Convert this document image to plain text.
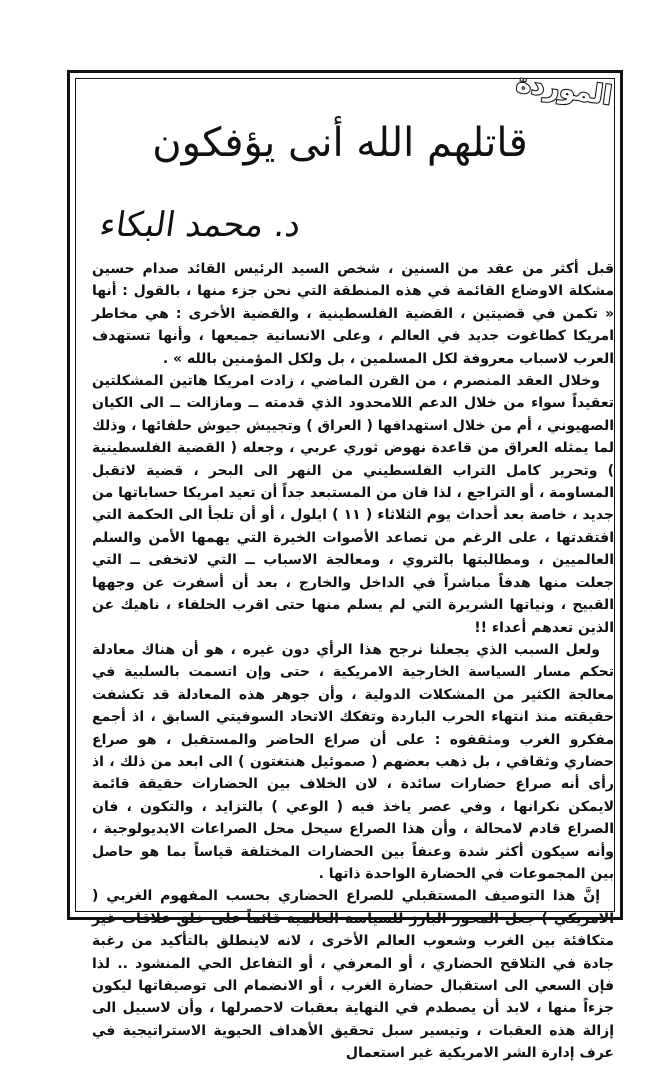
الموردة
قاتلهم الله أنى يؤفكون
د. محمد البكاء

قبل أكثر من عقد من السنين ، شخص السيد الرئيس القائد صدام حسين مشكلة الاوضاع القائمة في هذه المنطقة التي نحن جزء منها ، بالقول : أنها « تكمن في قضيتين ، القضية الفلسطينية ، والقضية الأخرى : هي مخاطر امريكا كطاغوت جديد في العالم ، وعلى الانسانية جميعها ، وأنها تستهدف العرب لاسباب معروفة لكل المسلمين ، بل ولكل المؤمنين بالله » .

وخلال العقد المنصرم ، من القرن الماضي ، زادت امريكا هاتين المشكلتين تعقيداً سواء من خلال الدعم اللامحدود الذي قدمته ــ ومازالت ــ الى الكيان الصهيوني ، أم من خلال استهدافها ( العراق ) وتجييش جيوش حلفائها ، وذلك لما يمثله العراق من قاعدة نهوض ثوري عربي ، وجعله ( القضية الفلسطينية ) وتحرير كامل التراب الفلسطيني من النهر الى البحر ، قضية لاتقبل المساومة ، أو التراجع ، لذا فان من المستبعد جداً أن تعيد امريكا حساباتها من جديد ، خاصة بعد أحداث يوم الثلاثاء ( ١١ ) ايلول ، أو أن تلجأ الى الحكمة التي افتقدتها ، على الرغم من تصاعد الأصوات الخيرة التي يهمها الأمن والسلم العالميين ، ومطالبتها بالتروي ، ومعالجة الاسباب ــ التي لاتخفى ــ التي جعلت منها هدفاً مباشراً في الداخل والخارج ، بعد أن أسفرت عن وجهها القبيح ، ونياتها الشريرة التي لم يسلم منها حتى اقرب الحلفاء ، ناهيك عن الذين تعدهم أعداء !!

ولعل السبب الذي يجعلنا نرجح هذا الرأي دون غيره ، هو أن هناك معادلة تحكم مسار السياسة الخارجية الامريكية ، حتى وإن اتسمت بالسلبية في معالجة الكثير من المشكلات الدولية ، وأن جوهر هذه المعادلة قد تكشفت حقيقته منذ انتهاء الحرب الباردة وتفكك الاتحاد السوفيتي السابق ، اذ أجمع مفكرو الغرب ومثقفوه : على أن صراع الحاضر والمستقبل ، هو صراع حضاري وثقافي ، بل ذهب بعضهم ( صموئيل هنتغتون ) الى ابعد من ذلك ، اذ رأى أنه صراع حضارات سائدة ، لان الخلاف بين الحضارات حقيقة قائمة لايمكن نكرانها ، وفي عصر ياخذ فيه ( الوعي ) بالتزايد ، والتكون ، فان الصراع قادم لامحالة ، وأن هذا الصراع سيحل محل الصراعات الايديولوجية ، وأنه سيكون أكثر شدة وعنفاً بين الحضارات المختلفة قياساً بما هو حاصل بين المجموعات في الحضارة الواحدة ذاتها .

إنَّ هذا التوصيف المستقبلي للصراع الحضاري بحسب المفهوم الغربي ( الامريكي ) جعل المحور البارز للسياسة العالمية قائماً على خلق علاقات غير متكافئة بين الغرب وشعوب العالم الأخرى ، لانه لاينطلق بالتأكيد من رغبة جادة في التلاقح الحضاري ، أو المعرفي ، أو التفاعل الحي المنشود .. لذا فإن السعي الى استقبال حضارة الغرب ، أو الانضمام الى توصيفاتها ليكون جزءاً منها ، لابد أن يصطدم في النهاية بعقبات لاحصرلها ، وأن لاسبيل الى إزالة هذه العقبات ، وتيسير سبل تحقيق الأهداف الحيوية الاستراتيجية في عرف إدارة الشر الامريكية غير استعمال
